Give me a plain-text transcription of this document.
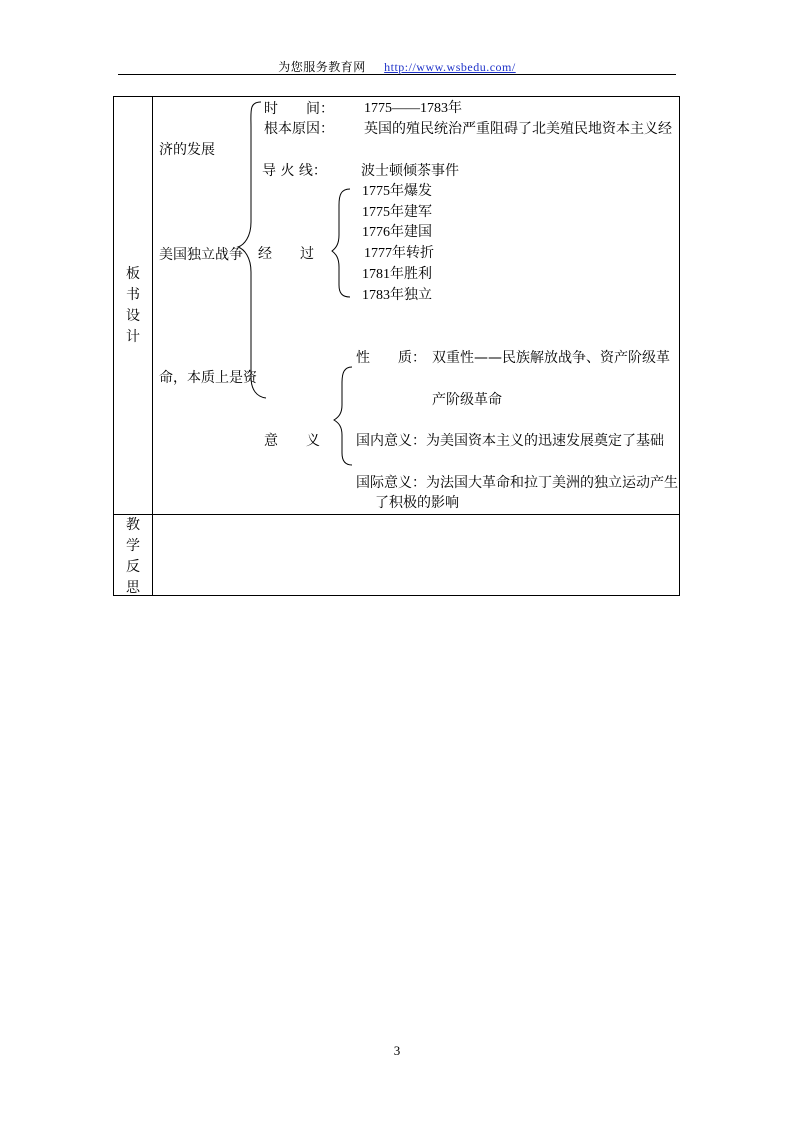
为您服务教育网 http://www.wsbedu.com/
板
书
设
计
教
学
反
思
济的发展
美国独立战争
命，本质上是资
时　　间： 1775——1783年
根本原因： 英国的殖民统治严重阻碍了北美殖民地资本主义经
导 火 线： 波士顿倾茶事件
经　　过
1775年爆发
1775年建军
1776年建国
1777年转折
1781年胜利
1783年独立
性　　质： 双重性——民族解放战争、资产阶级革
产阶级革命
意　　义	国内意义：为美国资本主义的迅速发展奠定了基础
国际意义：为法国大革命和拉丁美洲的独立运动产生
了积极的影响
3
